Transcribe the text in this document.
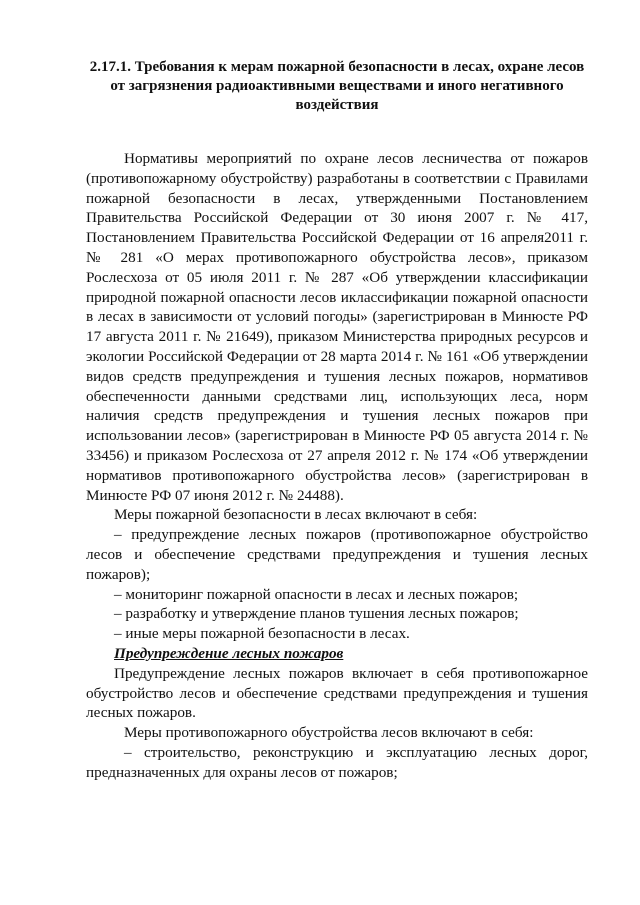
2.17.1. Требования к мерам пожарной безопасности в лесах, охране лесов от загрязнения радиоактивными веществами и иного негативного воздействия

Нормативы мероприятий по охране лесов лесничества от пожаров (противопожарному обустройству) разработаны в соответствии с Правилами пожарной безопасности в лесах, утвержденными Постановлением Правительства Российской Федерации от 30 июня 2007 г. № 417, Постановлением Правительства Российской Федерации от 16 апреля2011 г. № 281 «О мерах противопожарного обустройства лесов», приказом Рослесхоза от 05 июля 2011 г. № 287 «Об утверждении классификации природной пожарной опасности лесов иклассификации пожарной опасности в лесах в зависимости от условий погоды» (зарегистрирован в Минюсте РФ 17 августа 2011 г. № 21649), приказом Министерства природных ресурсов и экологии Российской Федерации от 28 марта 2014 г. № 161 «Об утверждении видов средств предупреждения и тушения лесных пожаров, нормативов обеспеченности данными средствами лиц, использующих леса, норм наличия средств предупреждения и тушения лесных пожаров при использовании лесов» (зарегистрирован в Минюсте РФ 05 августа 2014 г. № 33456) и приказом Рослесхоза от 27 апреля 2012 г. № 174 «Об утверждении нормативов противопожарного обустройства лесов» (зарегистрирован в Минюсте РФ 07 июня 2012 г. № 24488).

Меры пожарной безопасности в лесах включают в себя:

– предупреждение лесных пожаров (противопожарное обустройство лесов и обеспечение средствами предупреждения и тушения лесных пожаров);

– мониторинг пожарной опасности в лесах и лесных пожаров;

– разработку и утверждение планов тушения лесных пожаров;

– иные меры пожарной безопасности в лесах.

Предупреждение лесных пожаров

Предупреждение лесных пожаров включает в себя противопожарное обустройство лесов и обеспечение средствами предупреждения и тушения лесных пожаров.

Меры противопожарного обустройства лесов включают в себя:

– строительство, реконструкцию и эксплуатацию лесных дорог, предназначенных для охраны лесов от пожаров;
